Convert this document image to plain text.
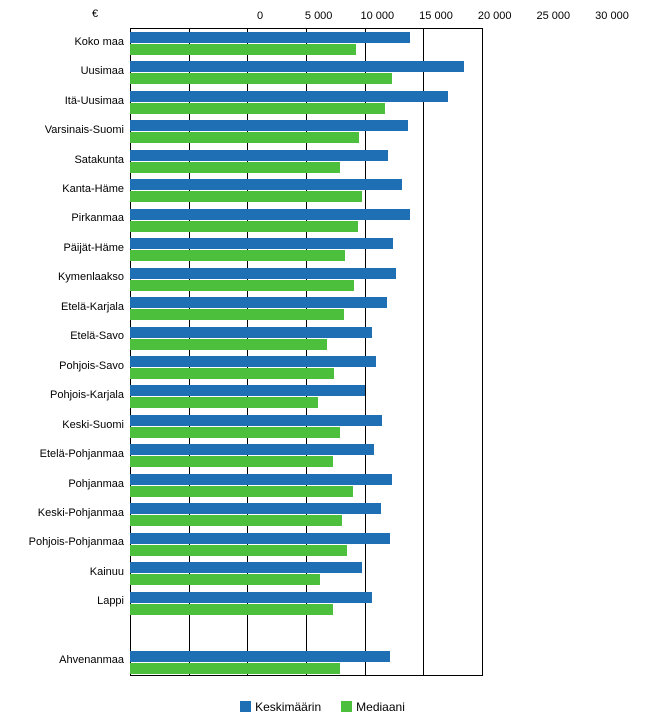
€	0	5 000	10 000 15 000 20 000 25 000 30 000
Koko maa
Uusimaa
Itä-Uusimaa
Varsinais-Suomi
Satakunta
Kanta-Häme
Pirkanmaa
Päijät-Häme
Kymenlaakso
Etelä-Karjala
Etelä-Savo
Pohjois-Savo
Pohjois-Karjala
Keski-Suomi
Etelä-Pohjanmaa
Pohjanmaa
Keski-Pohjanmaa
Pohjois-Pohjanmaa
Kainuu
Lappi
Ahvenanmaa
Keskimäärin	Mediaani
